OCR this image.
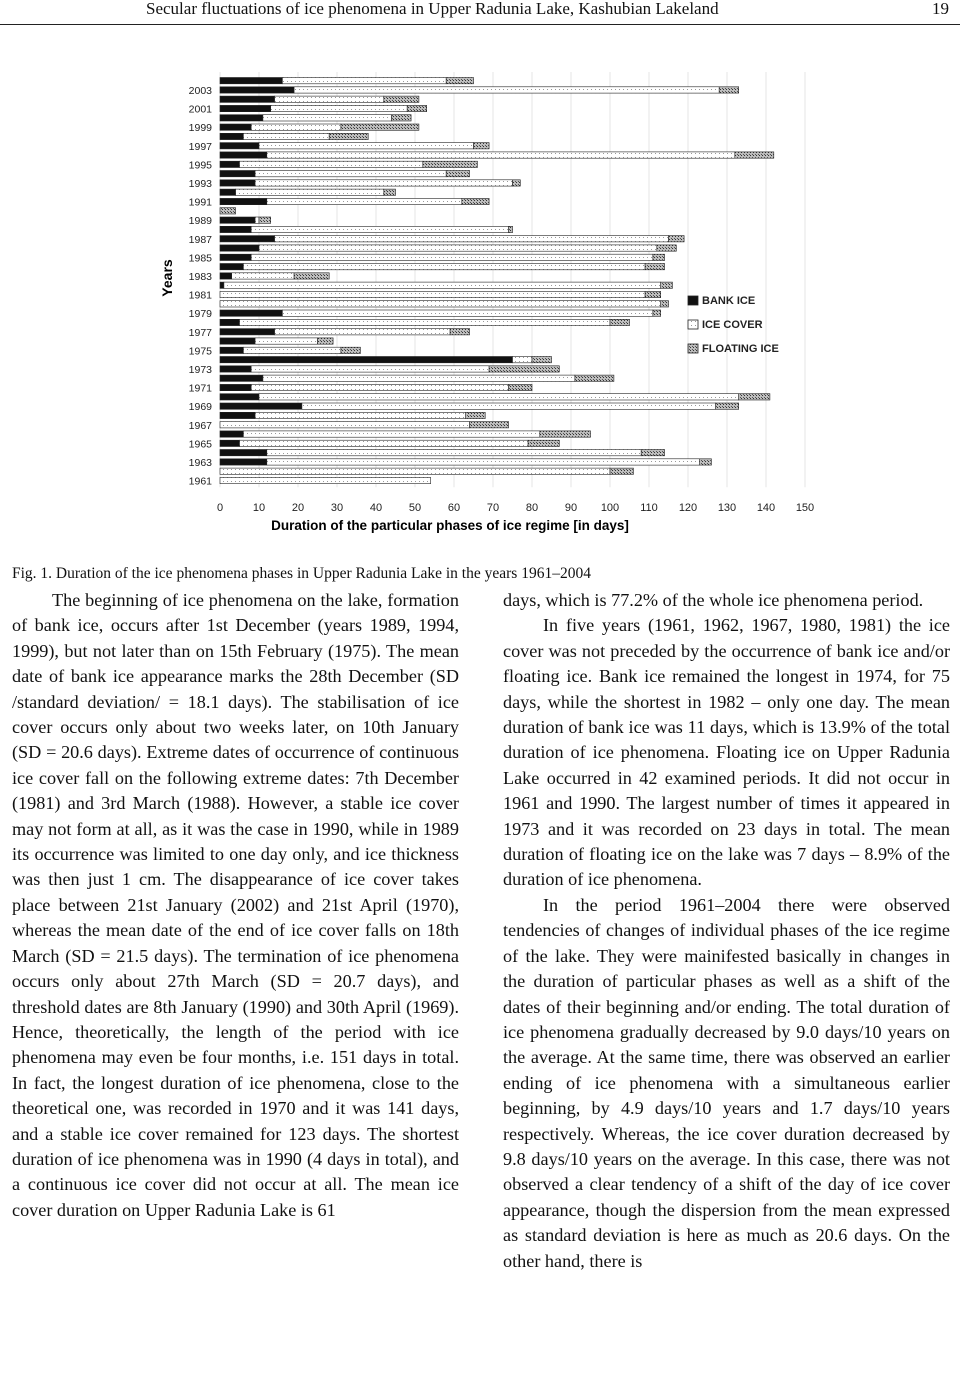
Secular fluctuations of ice phenomena in Upper Radunia Lake, Kashubian Lakeland	19
2003
2001
1999
1997
1995
1993
1991
1989
1987
1985
1983
1981
1979
1977
1975
1973
1971
1969
1967
1965
1963
1961
0	10 20 30 40 50 60 70 80 90 100 110 120 130 140 150
Years
Duration of the particular phases of ice regime [in days]
BANK ICE
ICE COVER
FLOATING ICE
Fig. 1. Duration of the ice phenomena phases in Upper Radunia Lake in the years 1961–2004

The beginning of ice phenomena on the lake, formation of bank ice, occurs after 1st December (years 1989, 1994, 1999), but not later than on 15th February (1975). The mean date of bank ice appearance marks the 28th December (SD /standard deviation/ = 18.1 days). The stabilisation of ice cover occurs only about two weeks later, on 10th January (SD = 20.6 days). Extreme dates of occurrence of continuous ice cover fall on the following extreme dates: 7th December (1981) and 3rd March (1988). However, a stable ice cover may not form at all, as it was the case in 1990, while in 1989 its occurrence was limited to one day only, and ice thickness was then just 1 cm. The disappearance of ice cover takes place between 21st January (2002) and 21st April (1970), whereas the mean date of the end of ice cover falls on 18th March (SD = 21.5 days). The termination of ice phenomena occurs only about 27th March (SD = 20.7 days), and threshold dates are 8th January (1990) and 30th April (1969). Hence, theoretically, the length of the period with ice phenomena may even be four months, i.e. 151 days in total. In fact, the longest duration of ice phenomena, close to the theoretical one, was recorded in 1970 and it was 141 days, and a stable ice cover remained for 123 days. The shortest duration of ice phenomena was in 1990 (4 days in total), and a continuous ice cover did not occur at all. The mean ice cover duration on Upper Radunia Lake is 61

days, which is 77.2% of the whole ice phenomena period.

In five years (1961, 1962, 1967, 1980, 1981) the ice cover was not preceded by the occurrence of bank ice and/or floating ice. Bank ice remained the longest in 1974, for 75 days, while the shortest in 1982 – only one day. The mean duration of bank ice was 11 days, which is 13.9% of the total duration of ice phenomena. Floating ice on Upper Radunia Lake occurred in 42 examined periods. It did not occur in 1961 and 1990. The largest number of times it appeared in 1973 and it was recorded on 23 days in total. The mean duration of floating ice on the lake was 7 days – 8.9% of the duration of ice phenomena.

In the period 1961–2004 there were observed tendencies of changes of individual phases of the ice regime of the lake. They were mainifested basically in changes in the duration of particular phases as well as a shift of the dates of their beginning and/or ending. The total duration of ice phenomena gradually decreased by 9.0 days/10 years on the average. At the same time, there was observed an earlier ending of ice phenomena with a simultaneous earlier beginning, by 4.9 days/10 years and 1.7 days/10 years respectively. Whereas, the ice cover duration decreased by 9.8 days/10 years on the average. In this case, there was not observed a clear tendency of a shift of the day of ice cover appearance, though the dispersion from the mean expressed as standard deviation is here as much as 20.6 days. On the other hand, there is
